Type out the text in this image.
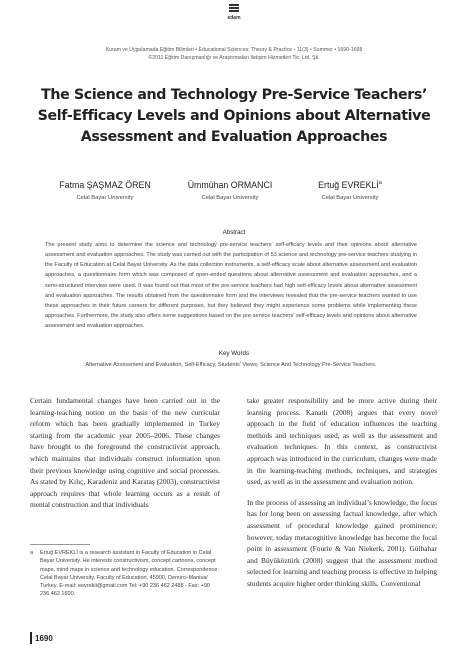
edam
Kuram ve Uygulamada Eğitim Bilimleri • Educational Sciences: Theory & Practice - 11(3) • Summer • 1690-1698
©2011 Eğitim Danışmanlığı ve Araştırmaları İletişim Hizmetleri Tic. Ltd. Şti.
The Science and Technology Pre-Service Teachers’
Self-Efficacy Levels and Opinions about Alternative
Assessment and Evaluation Approaches
Fatma ŞAŞMAZ ÖREN
Celal Bayar University
Ümmühan ORMANCI
Celal Bayar University
Ertuğ EVREKLİ$^a$
Celal Bayar University
Abstract
The present study aims to determine the science and technology pre-service teachers’ self-efficacy levels and their opinions about alternative assessment and evaluation approaches. The study was carried out with the participation of 53 science and technology pre-service teachers studying in the Faculty of Education at Celal Bayar University. As the data collection instruments, a self-efficacy scale about alternative assessment and evaluation approaches, a questionnaire form which was composed of open-ended questions about alternative assessment and evaluation approaches, and a semi-structured interview were used. It was found out that most of the pre-service teachers had high self-efficacy levels about alternative assessment and evaluation approaches. The results obtained from the questionnaire form and the interviews revealed that the pre-service teachers wanted to use these approaches in their future careers for different purposes, but they believed they might experience some problems while implementing these approaches. Furthermore, the study also offers some suggestions based on the pre-service teachers’ self-efficacy levels and opinions about alternative assessment and evaluation approaches.
Key Words
Alternative Assessment and Evaluation, Self-Efficacy, Students’ Views, Science And Technology Pre-Service Teachers.

Certain fundamental changes have been carried out in the learning-teaching notion on the basis of the new curricular reform which has been gradually implemented in Turkey starting from the academic year 2005–2006. These changes have brought to the foreground the constructivist approach, which maintains that individuals construct information upon their previous knowledge using cognitive and social processes. As stated by Kılıç, Karadeniz and Karataş (2003), constructivist approach requires that whole learning occurs as a result of mental construction and that individuals

take greater responsibility and be more active during their learning process. Kanatlı (2008) argues that every novel approach in the field of education influences the teaching methods and techniques used, as well as the assessment and evaluation techniques. In this context, as constructivist approach was introduced in the curriculum, changes were made in the learning-teaching methods, techniques, and strategies used, as well as in the assessment and evaluation notion.

In the process of assessing an individual’s knowledge, the focus has for long been on assessing factual knowledge, after which assessment of procedural knowledge gained prominence; however, today metacognitive knowledge has become the focal point in assessment (Fourie & Van Niekerk, 2001). Gülbahar and Büyüköztürk (2008) suggest that the assessment method selected for learning and teaching process is effective in helping students acquire higher order thinking skills. Conventional

a Ertuğ EVREKLİ is a research assistant in Faculty of Education in Celal Bayar University. He interests constructivism, concept cartoons, concept maps, mind maps in science and technology education. Correspondence: Celal Bayar University, Faculty of Education, 45900, Demirci-Manisa/ Turkey. E-mail: eevrekli@gmail.com Tel: +90 236 462 2488 - Fax: +90 236 462 1600.
1690
